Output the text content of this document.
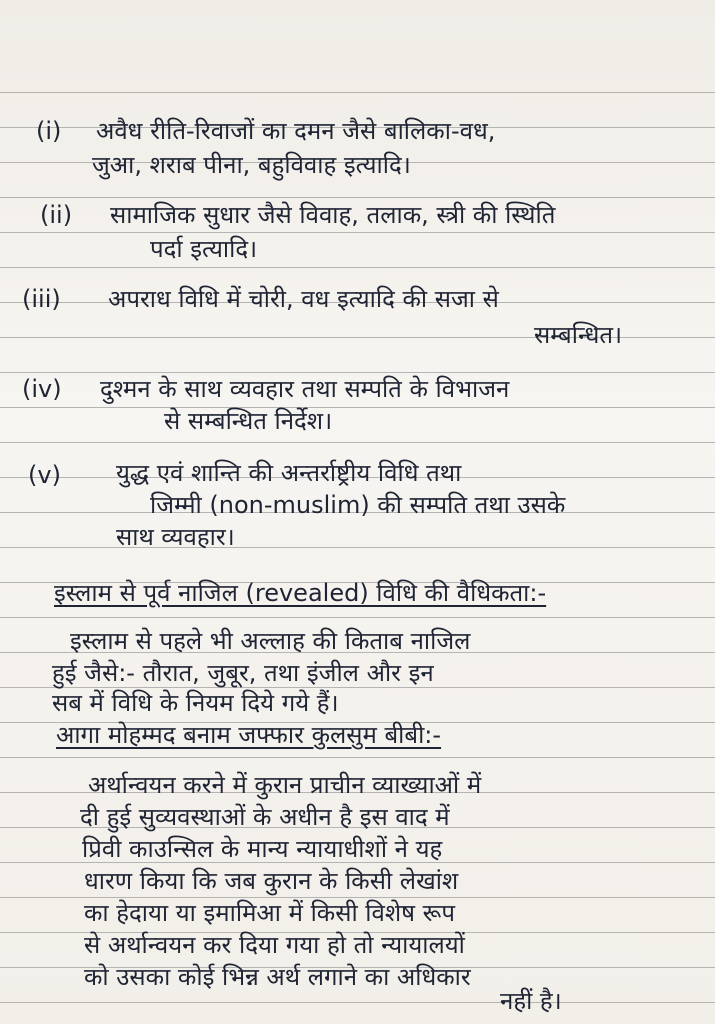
(i) अवैध रीति-रिवाजों का दमन जैसे बालिका-वध,
जुआ, शराब पीना, बहुविवाह इत्यादि।
(ii) सामाजिक सुधार जैसे विवाह, तलाक, स्त्री की स्थिति
पर्दा इत्यादि।
(iii) अपराध विधि में चोरी, वध इत्यादि की सजा से
सम्बन्धित।
(iv) दुश्मन के साथ व्यवहार तथा सम्पति के विभाजन
से सम्बन्धित निर्देश।
(v) युद्ध एवं शान्ति की अन्तर्राष्ट्रीय विधि तथा
जिम्मी (non-muslim) की सम्पति तथा उसके
साथ व्यवहार।
इस्लाम से पूर्व नाजिल (revealed) विधि की वैधिकता:-
इस्लाम से पहले भी अल्लाह की किताब नाजिल
हुई जैसे:- तौरात, जुबूर, तथा इंजील और इन
सब में विधि के नियम दिये गये हैं।
आगा मोहम्मद बनाम जफ्फार कुलसुम बीबी:-
अर्थान्वयन करने में कुरान प्राचीन व्याख्याओं में
दी हुई सुव्यवस्थाओं के अधीन है इस वाद में
प्रिवी काउन्सिल के मान्य न्यायाधीशों ने यह
धारण किया कि जब कुरान के किसी लेखांश
का हेदाया या इमामिआ में किसी विशेष रूप
से अर्थान्वयन कर दिया गया हो तो न्यायालयों
को उसका कोई भिन्न अर्थ लगाने का अधिकार
नहीं है।
